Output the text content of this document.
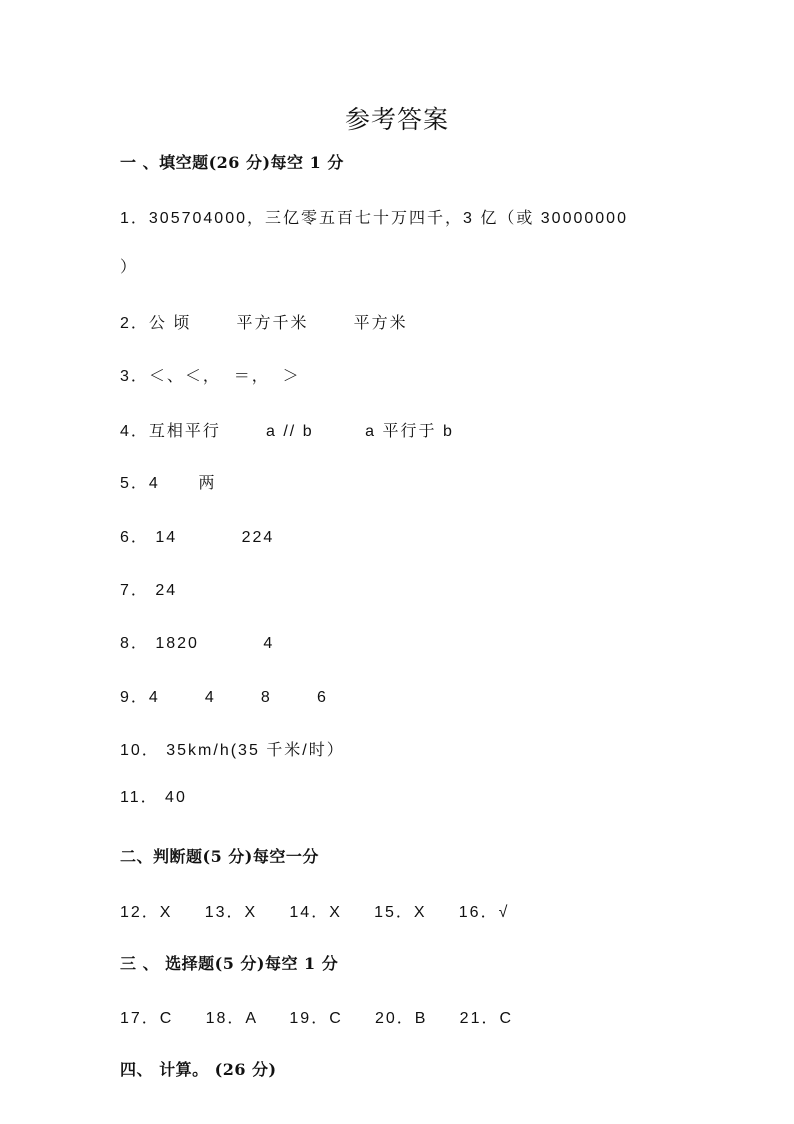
参考答案
一 、填空题(26 分)每空 1 分
1．305704000，三亿零五百七十万四千，3 亿（或 30000000
）
2．公 顷       平方千米       平方米
3．＜、＜，  ＝，  ＞
4．互相平行       a // b        a 平行于 b
5．4      两
6． 14          224
7． 24
8． 1820          4
9．4       4       8       6
10． 35km/h(35 千米/时）
11． 40
二、判断题(5 分)每空一分
12．X     13．X     14．X     15．X     16．√
三 、 选择题(5 分)每空 1 分
17．C     18．A     19．C     20．B     21．C
四、 计算。 (26 分)
